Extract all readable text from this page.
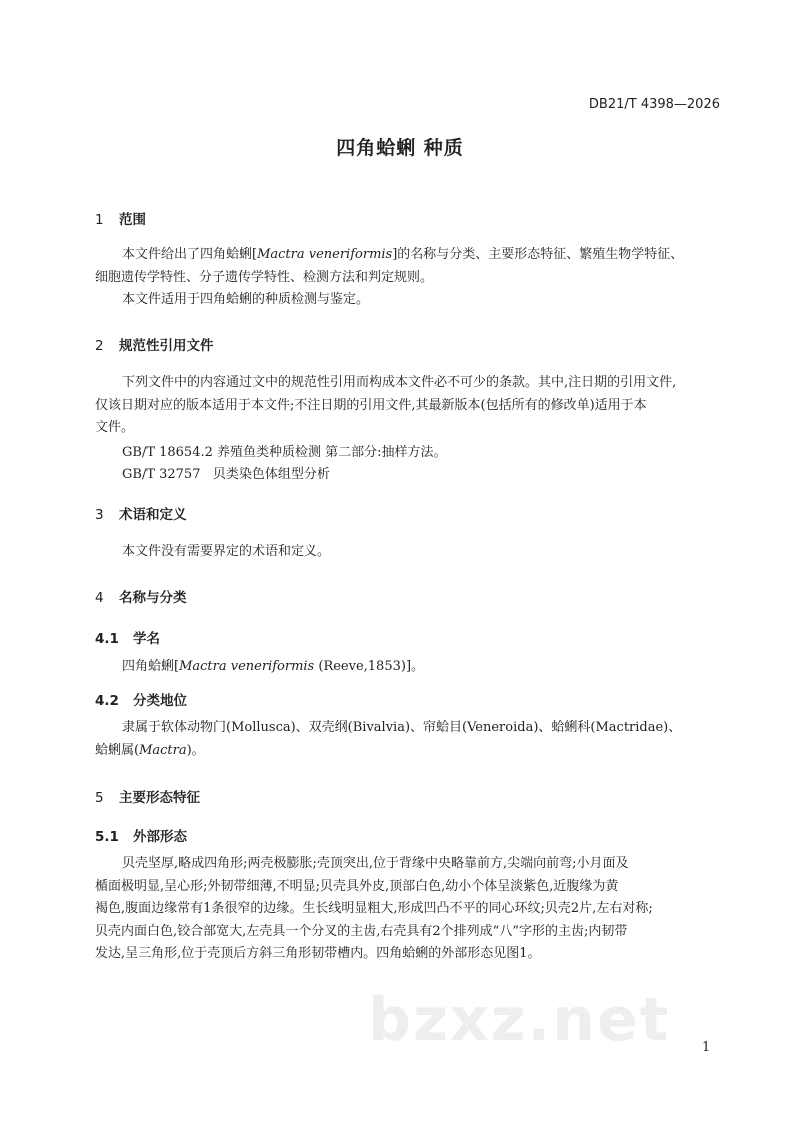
DB21/T 4398—2026
四角蛤蜊 种质
1 范围
本文件给出了四角蛤蜊[Mactra veneriformis]的名称与分类、主要形态特征、繁殖生物学特征、
细胞遗传学特性、分子遗传学特性、检测方法和判定规则。
本文件适用于四角蛤蜊的种质检测与鉴定。
2 规范性引用文件
下列文件中的内容通过文中的规范性引用而构成本文件必不可少的条款。其中,注日期的引用文件,
仅该日期对应的版本适用于本文件;不注日期的引用文件,其最新版本(包括所有的修改单)适用于本
文件。
GB/T 18654.2 养殖鱼类种质检测 第二部分:抽样方法。
GB/T 32757   贝类染色体组型分析
3 术语和定义
本文件没有需要界定的术语和定义。
4 名称与分类
4.1 学名
四角蛤蜊[Mactra veneriformis (Reeve,1853)]。
4.2 分类地位
隶属于软体动物门(Mollusca)、双壳纲(Bivalvia)、帘蛤目(Veneroida)、蛤蜊科(Mactridae)、
蛤蜊属(Mactra)。
5 主要形态特征
5.1 外部形态
贝壳坚厚,略成四角形;两壳极膨胀;壳顶突出,位于背缘中央略靠前方,尖端向前弯;小月面及
楯面极明显,呈心形;外韧带细薄,不明显;贝壳具外皮,顶部白色,幼小个体呈淡紫色,近腹缘为黄
褐色,腹面边缘常有1条很窄的边缘。生长线明显粗大,形成凹凸不平的同心环纹;贝壳2片,左右对称;
贝壳内面白色,铰合部宽大,左壳具一个分叉的主齿,右壳具有2个排列成“八”字形的主齿;内韧带
发达,呈三角形,位于壳顶后方斜三角形韧带槽内。四角蛤蜊的外部形态见图1。
bzxz.net 1
